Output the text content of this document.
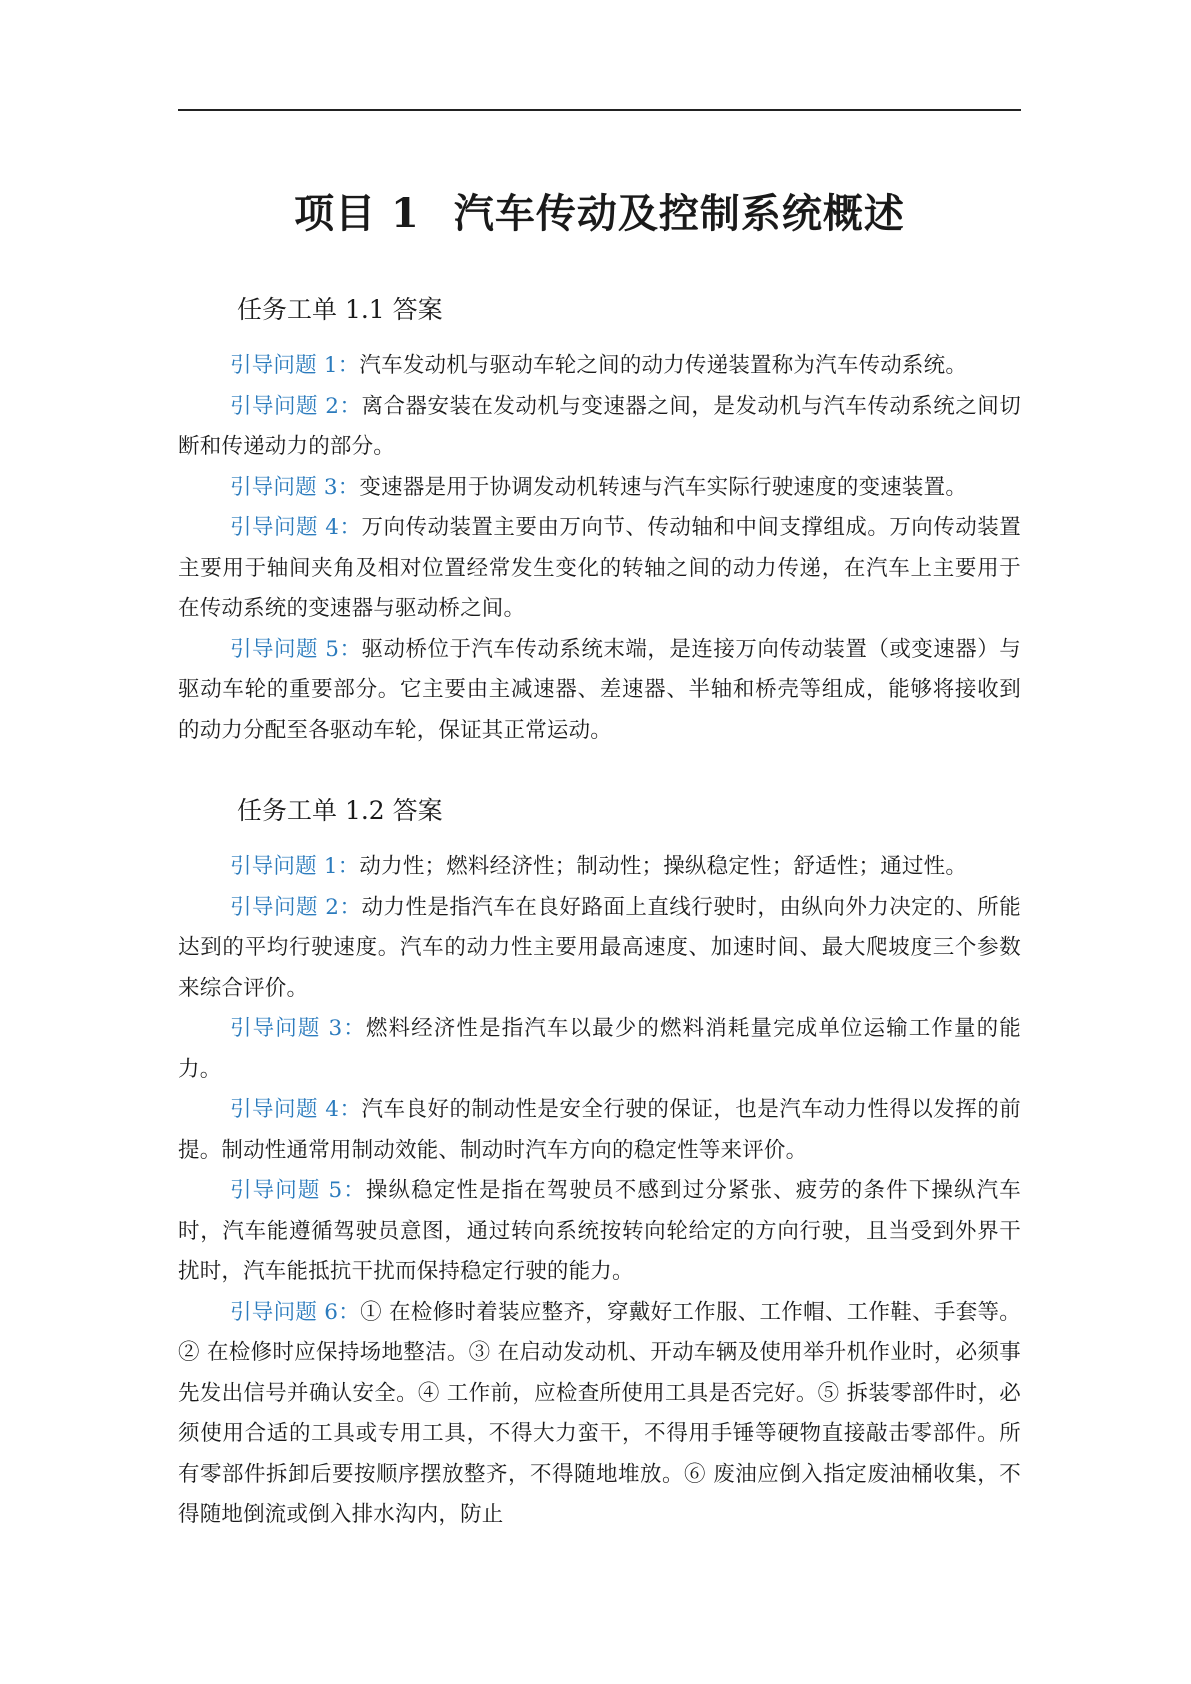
项目 1 汽车传动及控制系统概述
任务工单 1.1 答案

引导问题 1：汽车发动机与驱动车轮之间的动力传递装置称为汽车传动系统。

引导问题 2：离合器安装在发动机与变速器之间，是发动机与汽车传动系统之间切断和传递动力的部分。

引导问题 3：变速器是用于协调发动机转速与汽车实际行驶速度的变速装置。

引导问题 4：万向传动装置主要由万向节、传动轴和中间支撑组成。万向传动装置主要用于轴间夹角及相对位置经常发生变化的转轴之间的动力传递，在汽车上主要用于在传动系统的变速器与驱动桥之间。

引导问题 5：驱动桥位于汽车传动系统末端，是连接万向传动装置（或变速器）与驱动车轮的重要部分。它主要由主减速器、差速器、半轴和桥壳等组成，能够将接收到的动力分配至各驱动车轮，保证其正常运动。

任务工单 1.2 答案

引导问题 1：动力性；燃料经济性；制动性；操纵稳定性；舒适性；通过性。

引导问题 2：动力性是指汽车在良好路面上直线行驶时，由纵向外力决定的、所能达到的平均行驶速度。汽车的动力性主要用最高速度、加速时间、最大爬坡度三个参数来综合评价。

引导问题 3：燃料经济性是指汽车以最少的燃料消耗量完成单位运输工作量的能力。

引导问题 4：汽车良好的制动性是安全行驶的保证，也是汽车动力性得以发挥的前提。制动性通常用制动效能、制动时汽车方向的稳定性等来评价。

引导问题 5：操纵稳定性是指在驾驶员不感到过分紧张、疲劳的条件下操纵汽车时，汽车能遵循驾驶员意图，通过转向系统按转向轮给定的方向行驶，且当受到外界干扰时，汽车能抵抗干扰而保持稳定行驶的能力。

引导问题 6：① 在检修时着装应整齐，穿戴好工作服、工作帽、工作鞋、手套等。② 在检修时应保持场地整洁。③ 在启动发动机、开动车辆及使用举升机作业时，必须事先发出信号并确认安全。④ 工作前，应检查所使用工具是否完好。⑤ 拆装零部件时，必须使用合适的工具或专用工具，不得大力蛮干，不得用手锤等硬物直接敲击零部件。所有零部件拆卸后要按顺序摆放整齐，不得随地堆放。⑥ 废油应倒入指定废油桶收集，不得随地倒流或倒入排水沟内，防止
